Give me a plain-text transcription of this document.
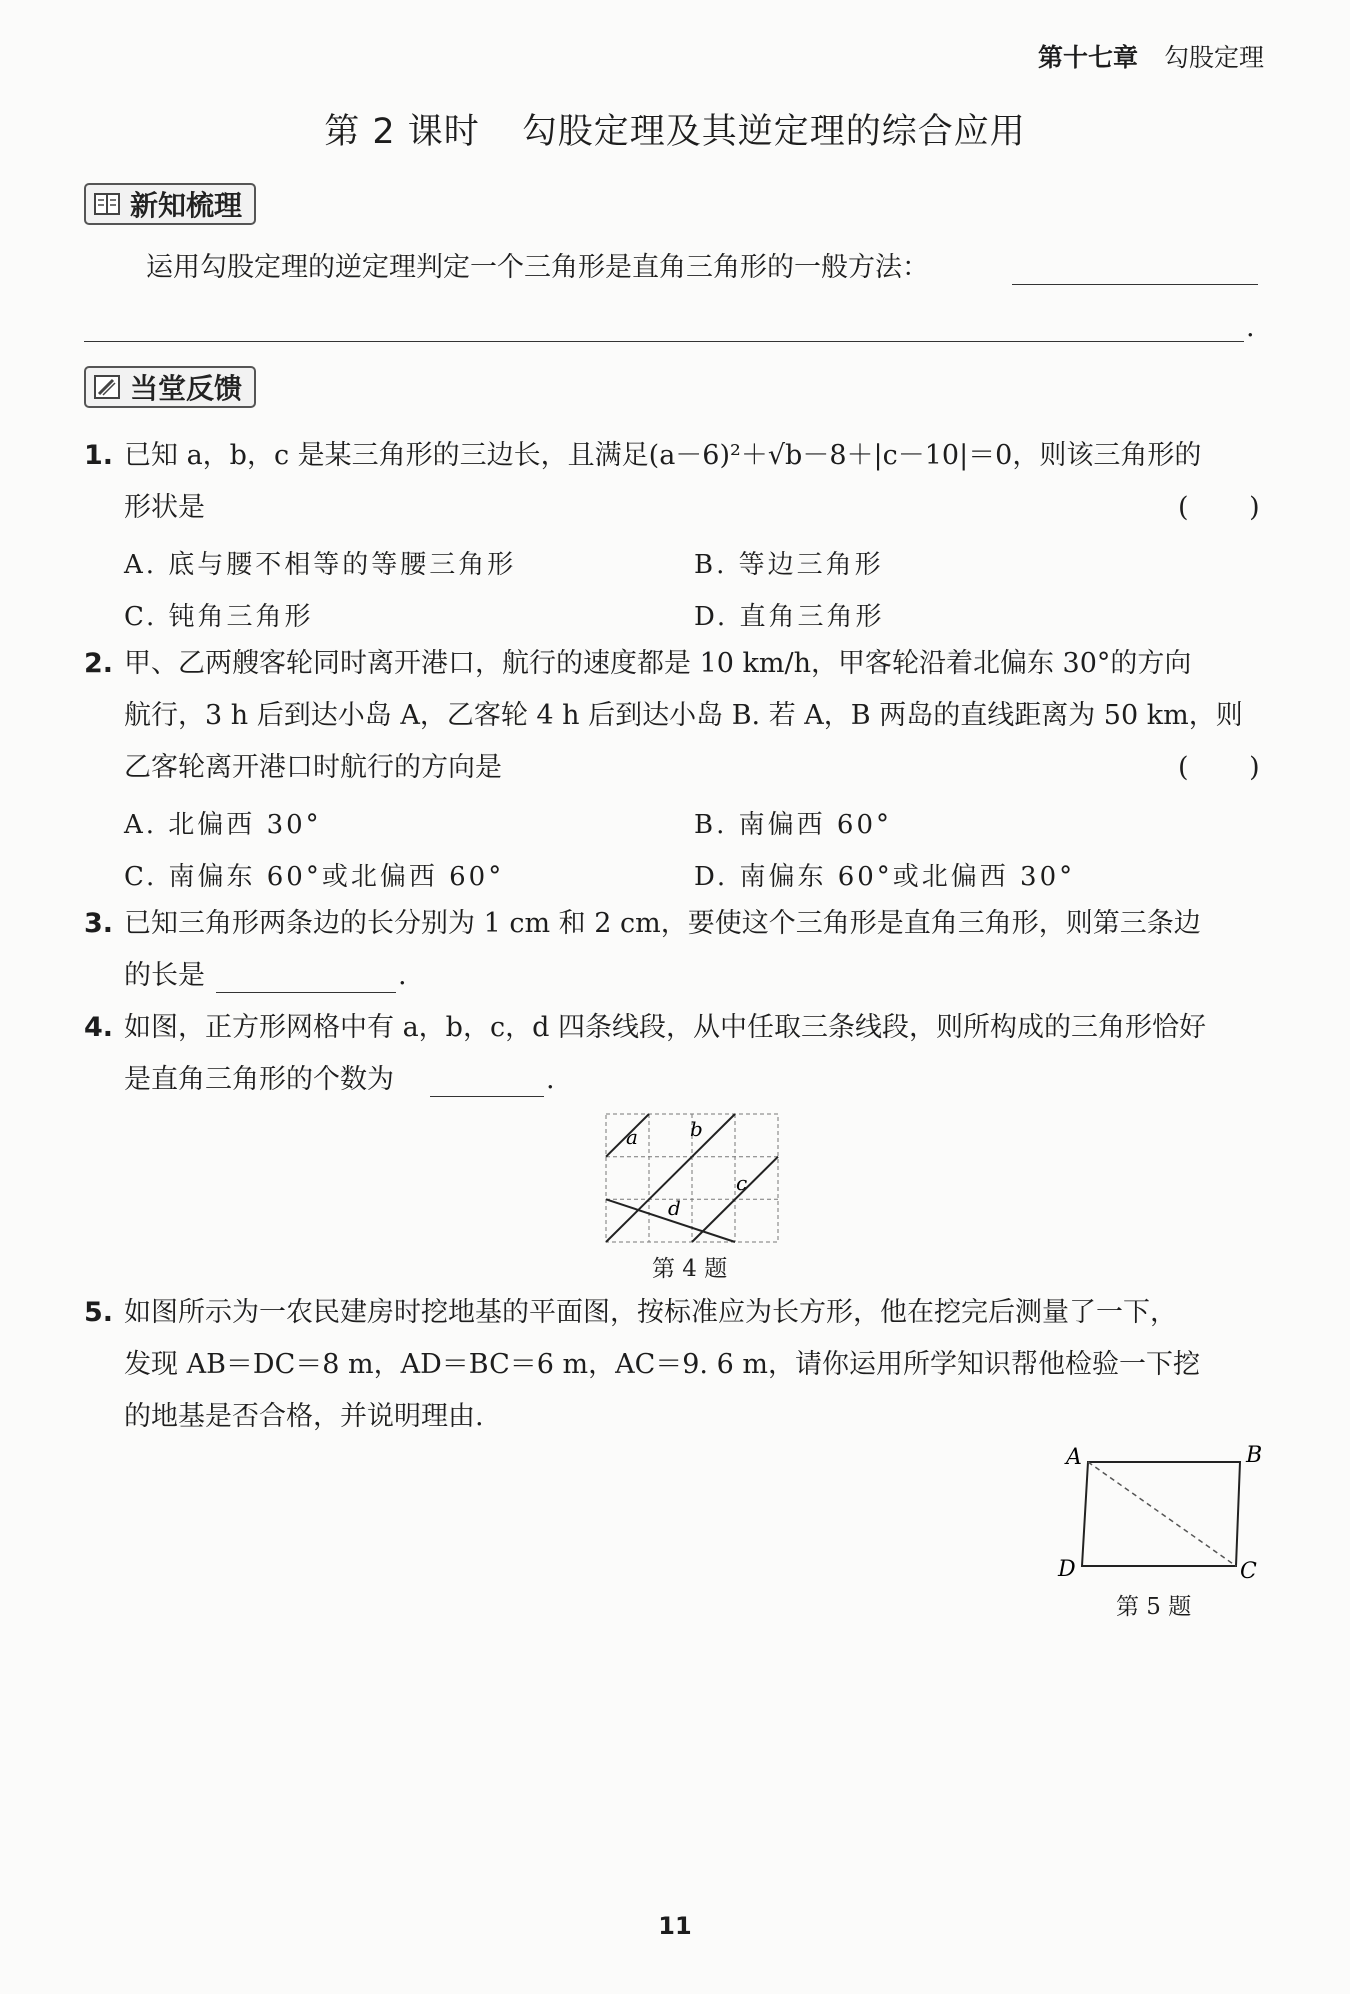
第十七章 勾股定理
第 2 课时 勾股定理及其逆定理的综合应用
新知梳理
运用勾股定理的逆定理判定一个三角形是直角三角形的一般方法：
.
当堂反馈
1. 已知 a，b，c 是某三角形的三边长，且满足(a－6)²＋√b－8＋|c－10|＝0，则该三角形的
形状是	( )
A. 底与腰不相等的等腰三角形	B. 等边三角形
C. 钝角三角形	D. 直角三角形
2. 甲、乙两艘客轮同时离开港口，航行的速度都是 10 km/h，甲客轮沿着北偏东 30°的方向
航行，3 h 后到达小岛 A，乙客轮 4 h 后到达小岛 B. 若 A，B 两岛的直线距离为 50 km，则
乙客轮离开港口时航行的方向是	( )
A. 北偏西 30°	B. 南偏西 60°
C. 南偏东 60°或北偏西 60°	D. 南偏东 60°或北偏西 30°
3. 已知三角形两条边的长分别为 1 cm 和 2 cm，要使这个三角形是直角三角形，则第三条边
的长是	.
4. 如图，正方形网格中有 a，b，c，d 四条线段，从中任取三条线段，则所构成的三角形恰好
是直角三角形的个数为	.
a	b
c
d
第 4 题
5. 如图所示为一农民建房时挖地基的平面图，按标准应为长方形，他在挖完后测量了一下，
发现 AB＝DC＝8 m，AD＝BC＝6 m，AC＝9. 6 m，请你运用所学知识帮他检验一下挖
的地基是否合格，并说明理由.
A	B
C
D
第 5 题
11
